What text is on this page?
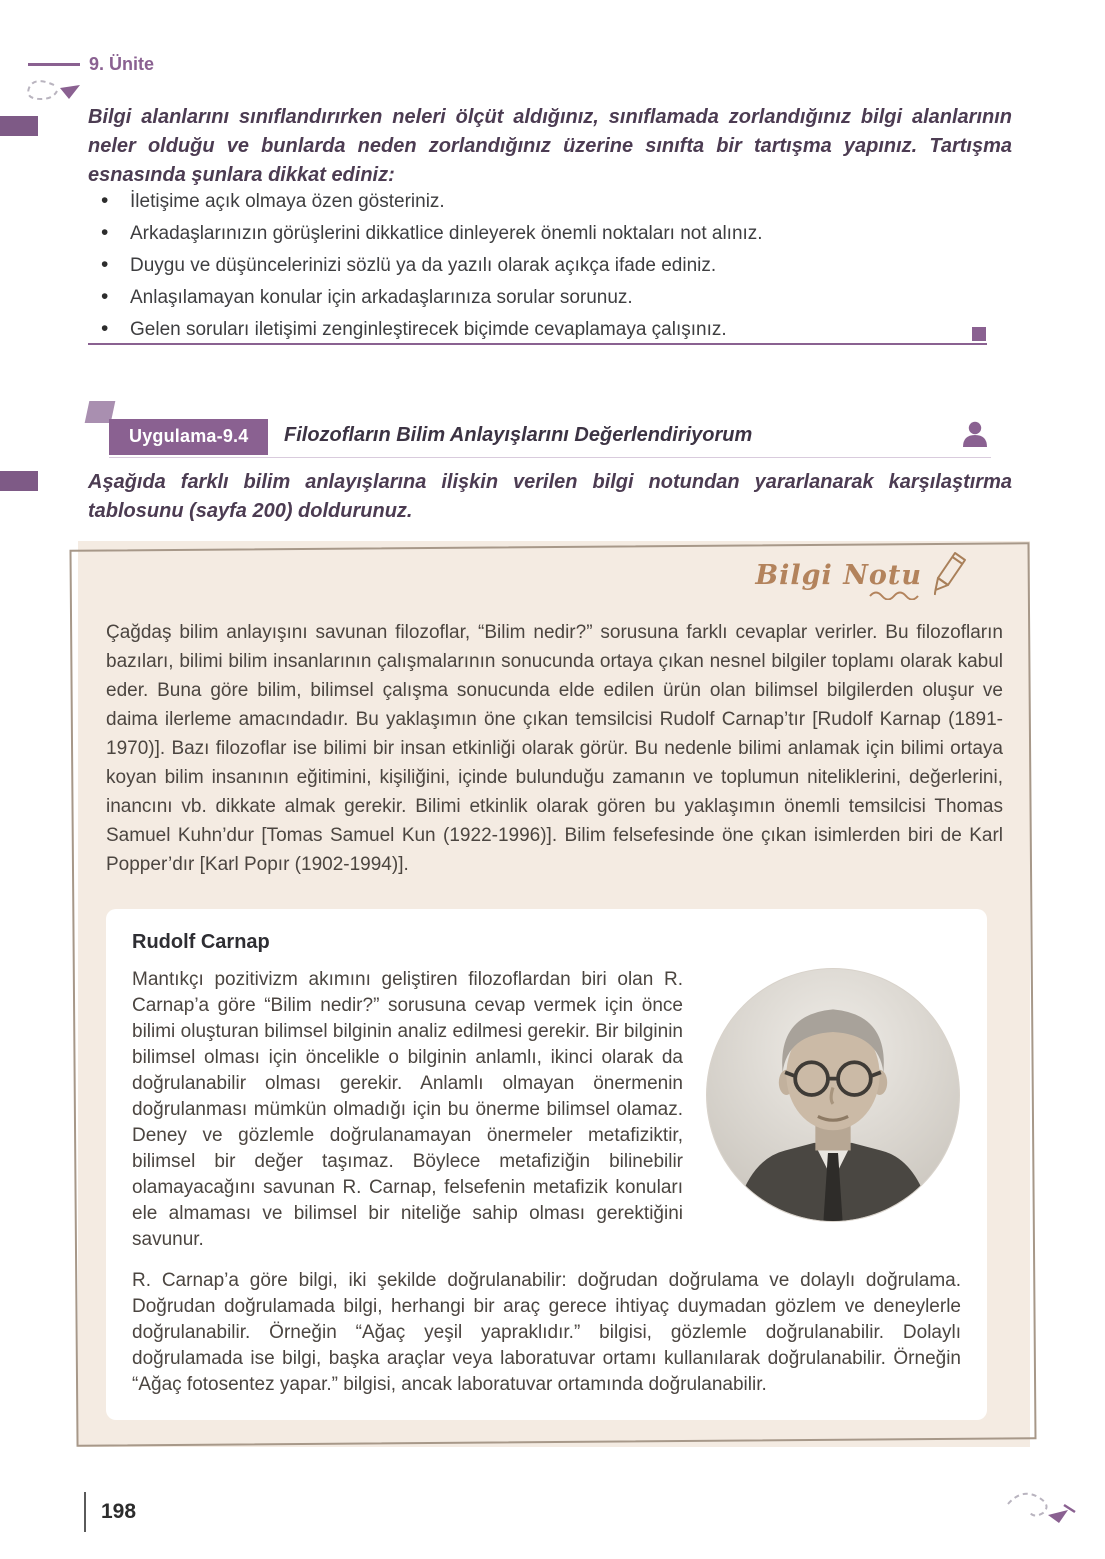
9. Ünite

Bilgi alanlarını sınıflandırırken neleri ölçüt aldığınız, sınıflamada zorlandığınız bilgi alanlarının neler olduğu ve bunlarda neden zorlandığınız üzerine sınıfta bir tartışma yapınız. Tartışma esnasında şunlara dikkat ediniz:

• İletişime açık olmaya özen gösteriniz.
• Arkadaşlarınızın görüşlerini dikkatlice dinleyerek önemli noktaları not alınız.
• Duygu ve düşüncelerinizi sözlü ya da yazılı olarak açıkça ifade ediniz.
• Anlaşılamayan konular için arkadaşlarınıza sorular sorunuz.
• Gelen soruları iletişimi zenginleştirecek biçimde cevaplamaya çalışınız.
Uygulama-9.4	Filozofların Bilim Anlayışlarını Değerlendiriyorum

Aşağıda farklı bilim anlayışlarına ilişkin verilen bilgi notundan yararlanarak karşılaştırma tablosunu (sayfa 200) doldurunuz.

Bilgi Notu

Çağdaş bilim anlayışını savunan filozoflar, “Bilim nedir?” sorusuna farklı cevaplar verirler. Bu filozofların bazıları, bilimi bilim insanlarının çalışmalarının sonucunda ortaya çıkan nesnel bilgiler toplamı olarak kabul eder. Buna göre bilim, bilimsel çalışma sonucunda elde edilen ürün olan bilimsel bilgilerden oluşur ve daima ilerleme amacındadır. Bu yaklaşımın öne çıkan temsilcisi Rudolf Carnap’tır [Rudolf Karnap (1891-1970)]. Bazı filozoflar ise bilimi bir insan etkinliği olarak görür. Bu nedenle bilimi anlamak için bilimi ortaya koyan bilim insanının eğitimini, kişiliğini, içinde bulunduğu zamanın ve toplumun niteliklerini, değerlerini, inancını vb. dikkate almak gerekir. Bilimi etkinlik olarak gören bu yaklaşımın önemli temsilcisi Thomas Samuel Kuhn’dur [Tomas Samuel Kun (1922-1996)]. Bilim felsefesinde öne çıkan isimlerden biri de Karl Popper’dır [Karl Popır (1902-1994)].

Rudolf Carnap

Mantıkçı pozitivizm akımını geliştiren filozoflardan biri olan R. Carnap’a göre “Bilim nedir?” sorusuna cevap vermek için önce bilimi oluşturan bilimsel bilginin analiz edilmesi gerekir. Bir bilginin bilimsel olması için öncelikle o bilginin anlamlı, ikinci olarak da doğrulanabilir olması gerekir. Anlamlı olmayan önermenin doğrulanması mümkün olmadığı için bu önerme bilimsel olamaz. Deney ve gözlemle doğrulanamayan önermeler metafiziktir, bilimsel bir değer taşımaz. Böylece metafiziğin bilinebilir olamayacağını savunan R. Carnap, felsefenin metafizik konuları ele almaması ve bilimsel bir niteliğe sahip olması gerektiğini savunur.

R. Carnap’a göre bilgi, iki şekilde doğrulanabilir: doğrudan doğrulama ve dolaylı doğrulama. Doğrudan doğrulamada bilgi, herhangi bir araç gerece ihtiyaç duymadan gözlem ve deneylerle doğrulanabilir. Örneğin “Ağaç yeşil yapraklıdır.” bilgisi, gözlemle doğrulanabilir. Dolaylı doğrulamada ise bilgi, başka araçlar veya laboratuvar ortamı kullanılarak doğrulanabilir. Örneğin “Ağaç fotosentez yapar.” bilgisi, ancak laboratuvar ortamında doğrulanabilir.

198
